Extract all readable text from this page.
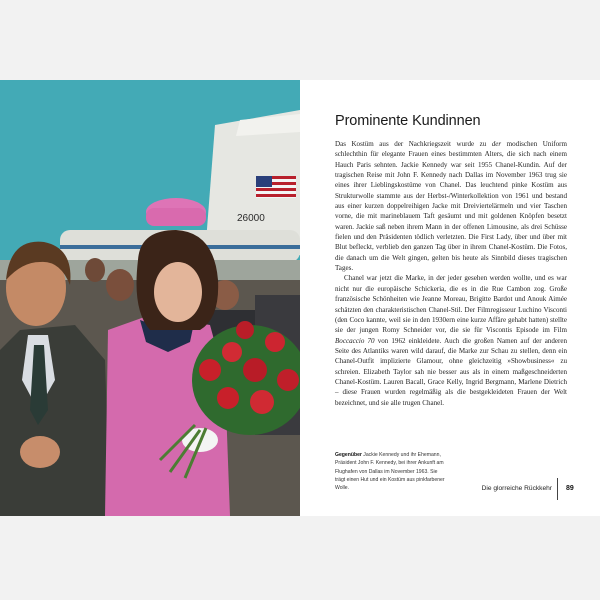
26000
Prominente Kundinnen

Das Kostüm aus der Nachkriegszeit wurde zu der modischen Uniform schlechthin für elegante Frauen eines bestimmten Alters, die sich nach einem Hauch Paris sehnten. Jackie Kennedy war seit 1955 Chanel-Kundin. Auf der tragischen Reise mit John F. Kennedy nach Dallas im November 1963 trug sie eines ihrer Lieblingskostüme von Chanel. Das leuchtend pinke Kostüm aus Strukturwolle stammte aus der Herbst-/Winterkollektion von 1961 und bestand aus einer kurzen doppelreihigen Jacke mit Dreiviertelärmeln und vier Taschen vorne, die mit marineblauem Taft gesäumt und mit goldenen Knöpfen besetzt waren. Jackie saß neben ihrem Mann in der offenen Limousine, als drei Schüsse fielen und den Präsidenten tödlich verletzten. Die First Lady, über und über mit Blut befleckt, verblieb den ganzen Tag über in ihrem Chanel-Kostüm. Die Fotos, die danach um die Welt gingen, gelten bis heute als Sinnbild dieses tragischen Tages.

Chanel war jetzt die Marke, in der jeder gesehen werden wollte, und es war nicht nur die europäische Schickeria, die es in die Rue Cambon zog. Große französische Schönheiten wie Jeanne Moreau, Brigitte Bardot und Anouk Aimée schätzten den charakteristischen Chanel-Stil. Der Filmregisseur Luchino Visconti (den Coco kannte, weil sie in den 1930ern eine kurze Affäre gehabt hatten) stellte sie der jungen Romy Schneider vor, die sie für Viscontis Episode im Film Boccaccio 70 von 1962 einkleidete. Auch die großen Namen auf der anderen Seite des Atlantiks waren wild darauf, die Marke zur Schau zu stellen, denn ein Chanel-Outfit implizierte Glamour, ohne gleichzeitig »Showbusiness« zu schreien. Elizabeth Taylor sah nie besser aus als in einem maßgeschneiderten Chanel-Kostüm. Lauren Bacall, Grace Kelly, Ingrid Bergmann, Marlene Dietrich – diese Frauen wurden regelmäßig als die bestgekleideten Frauen der Welt bezeichnet, und sie alle trugen Chanel.

Gegenüber Jackie Kennedy und ihr Ehemann, Präsident John F. Kennedy, bei ihrer Ankunft am Flughafen von Dallas im November 1963. Sie trägt einen Hut und ein Kostüm aus pinkfarbener Wolle.	Die glorreiche Rückkehr 89
